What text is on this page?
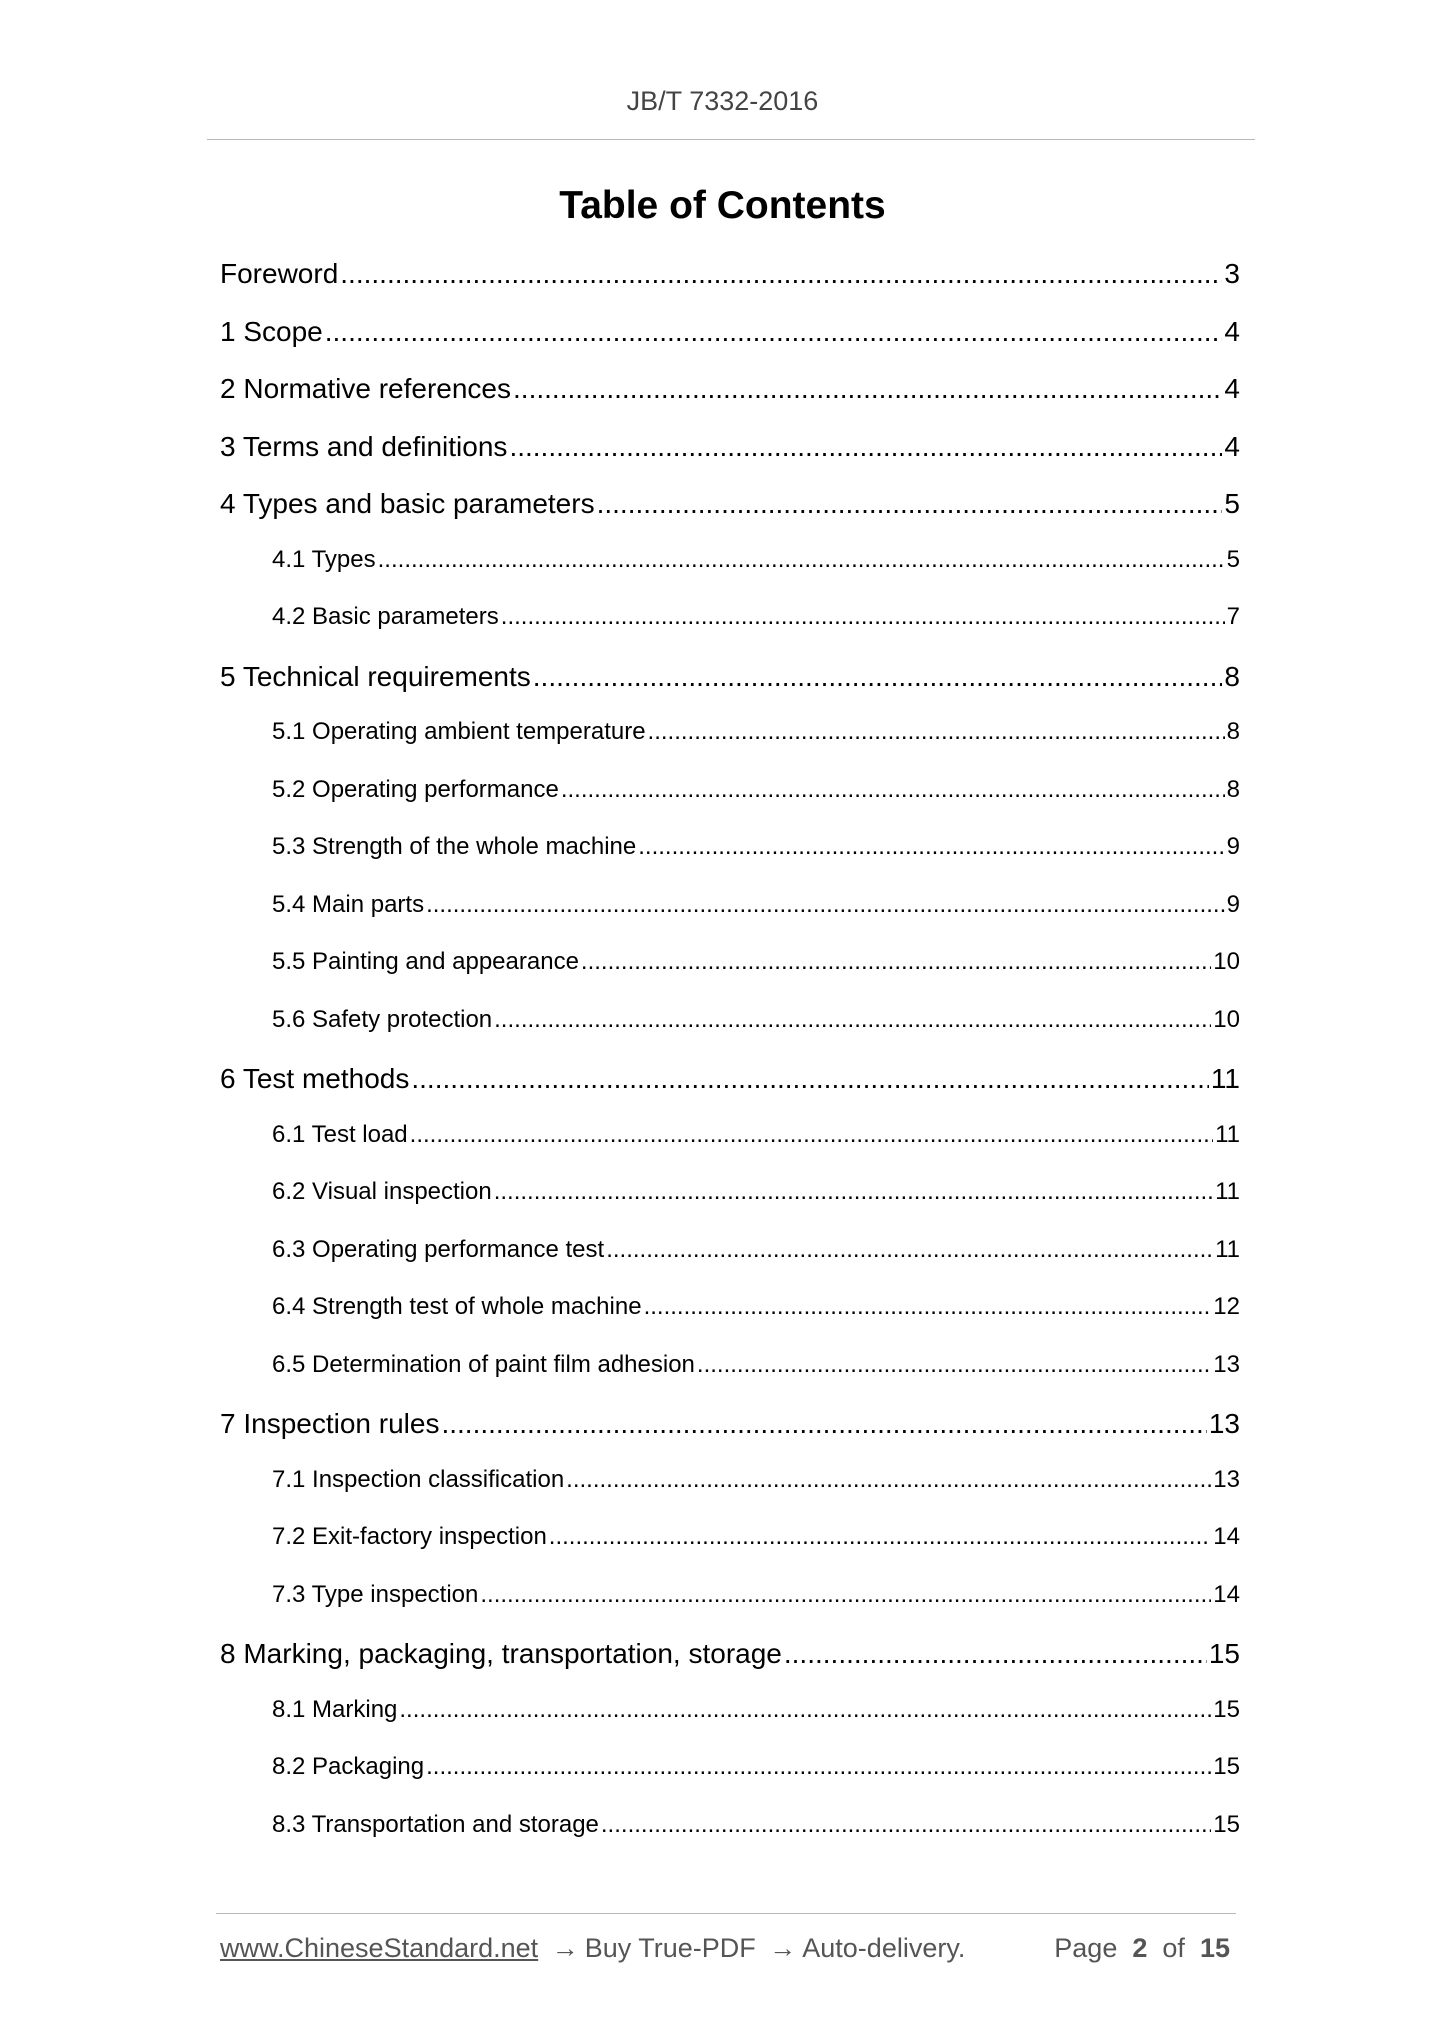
JB/T 7332-2016
Table of Contents
Foreword .....	3
1 Scope .....	4
2 Normative references .....	4
3 Terms and definitions .....	4
4 Types and basic parameters .....	5
4.1 Types .....	5
4.2 Basic parameters .....	7
5 Technical requirements .....	8
5.1 Operating ambient temperature .....	8
5.2 Operating performance .....	8
5.3 Strength of the whole machine .....	9
5.4 Main parts .....	9
5.5 Painting and appearance .....	10
5.6 Safety protection .....	10
6 Test methods .....	11
6.1 Test load .....	11
6.2 Visual inspection .....	11
6.3 Operating performance test .....	11
6.4 Strength test of whole machine .....	12
6.5 Determination of paint film adhesion .....	13
7 Inspection rules .....	13
7.1 Inspection classification .....	13
7.2 Exit-factory inspection .....	14
7.3 Type inspection .....	14
8 Marking, packaging, transportation, storage .....	15
8.1 Marking .....	15
8.2 Packaging .....	15
8.3 Transportation and storage .....	15
www.ChineseStandard.net → Buy True-PDF → Auto-delivery.	Page 2 of 15
